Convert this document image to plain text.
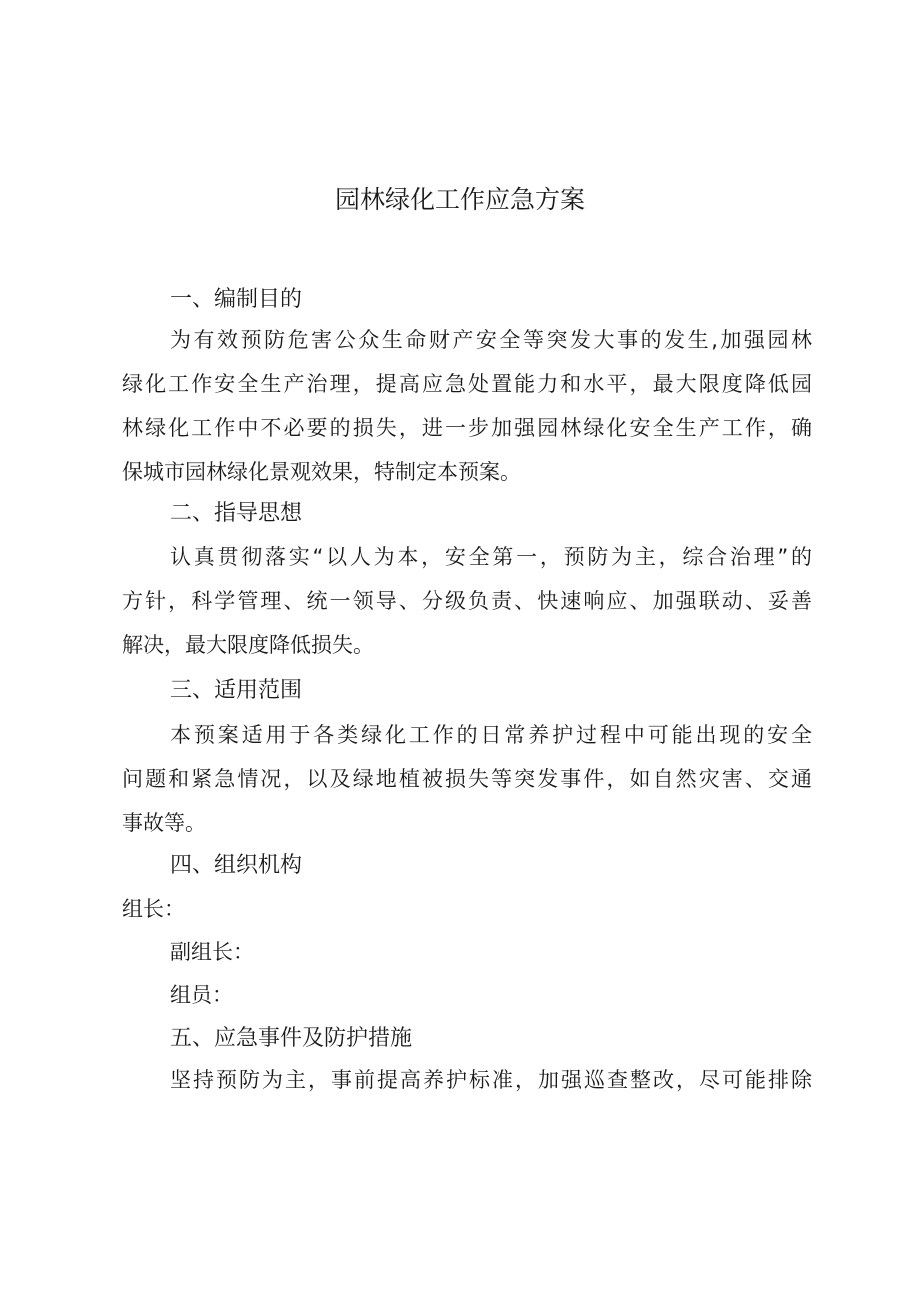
园林绿化工作应急方案
一、编制目的
为有效预防危害公众生命财产安全等突发大事的发生,加强园林
绿化工作安全生产治理，提高应急处置能力和水平，最大限度降低园
林绿化工作中不必要的损失，进一步加强园林绿化安全生产工作，确
保城市园林绿化景观效果，特制定本预案。
二、指导思想
认真贯彻落实“以人为本，安全第一，预防为主，综合治理”的
方针，科学管理、统一领导、分级负责、快速响应、加强联动、妥善
解决，最大限度降低损失。
三、适用范围
本预案适用于各类绿化工作的日常养护过程中可能出现的安全
问题和紧急情况，以及绿地植被损失等突发事件，如自然灾害、交通
事故等。
四、组织机构
组长：
副组长：
组员：
五、应急事件及防护措施
坚持预防为主，事前提高养护标准，加强巡查整改，尽可能排除
